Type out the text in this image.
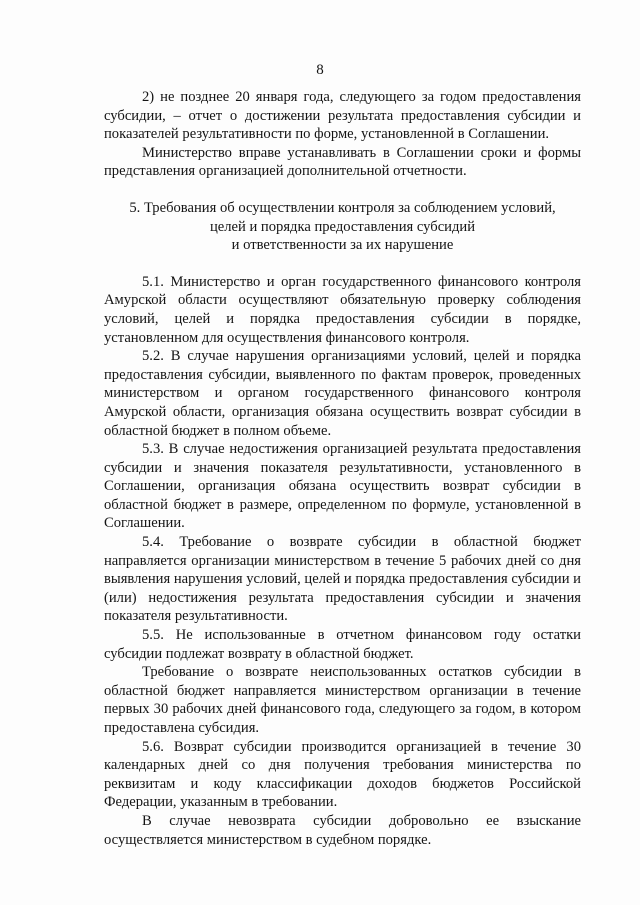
8

2) не позднее 20 января года, следующего за годом предоставления субсидии, – отчет о достижении результата предоставления субсидии и показателей результативности по форме, установленной в Соглашении.

Министерство вправе устанавливать в Соглашении сроки и формы представления организацией дополнительной отчетности.

5. Требования об осуществлении контроля за соблюдением условий,
целей и порядка предоставления субсидий
и ответственности за их нарушение

5.1. Министерство и орган государственного финансового контроля Амурской области осуществляют обязательную проверку соблюдения условий, целей и порядка предоставления субсидии в порядке, установленном для осуществления финансового контроля.

5.2. В случае нарушения организациями условий, целей и порядка предоставления субсидии, выявленного по фактам проверок, проведенных министерством и органом государственного финансового контроля Амурской области, организация обязана осуществить возврат субсидии в областной бюджет в полном объеме.

5.3. В случае недостижения организацией результата предоставления субсидии и значения показателя результативности, установленного в Соглашении, организация обязана осуществить возврат субсидии в областной бюджет в размере, определенном по формуле, установленной в Соглашении.

5.4. Требование о возврате субсидии в областной бюджет направляется организации министерством в течение 5 рабочих дней со дня выявления нарушения условий, целей и порядка предоставления субсидии и (или) недостижения результата предоставления субсидии и значения показателя результативности.

5.5. Не использованные в отчетном финансовом году остатки субсидии подлежат возврату в областной бюджет.

Требование о возврате неиспользованных остатков субсидии в областной бюджет направляется министерством организации в течение первых 30 рабочих дней финансового года, следующего за годом, в котором предоставлена субсидия.

5.6. Возврат субсидии производится организацией в течение 30 календарных дней со дня получения требования министерства по реквизитам и коду классификации доходов бюджетов Российской Федерации, указанным в требовании.

В случае невозврата субсидии добровольно ее взыскание осуществляется министерством в судебном порядке.
